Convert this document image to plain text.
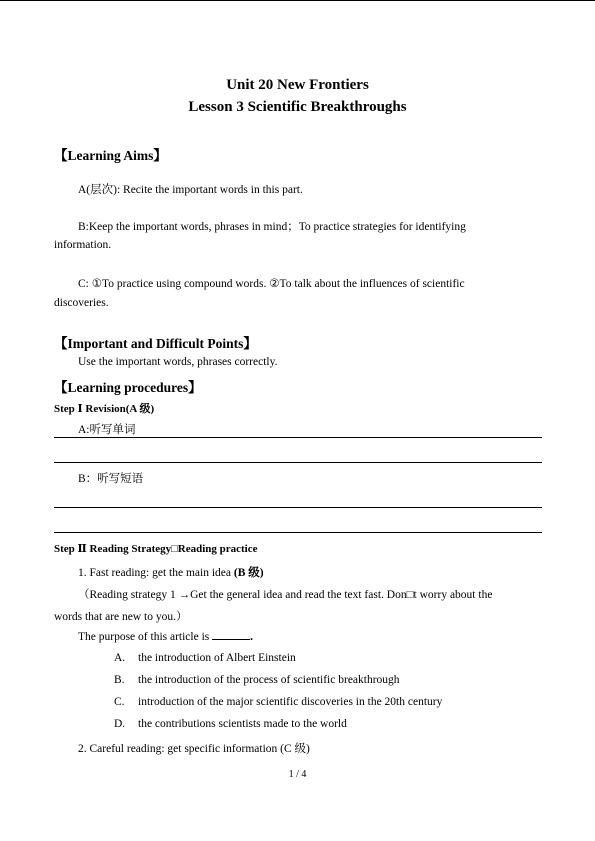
Unit 20 New Frontiers
Lesson 3 Scientific Breakthroughs
【Learning Aims】
A(层次): Recite the important words in this part.
B:Keep the important words, phrases in mind；To practice strategies for identifying
information.
C: ①To practice using compound words. ②To talk about the influences of scientific
discoveries.
【Important and Difficult Points】
Use the important words, phrases correctly.
【Learning procedures】
Step Ⅰ Revision(A 级)
A:听写单词
B：听写短语
Step Ⅱ Reading Strategy□Reading practice
1. Fast reading: get the main idea (B 级)
（Reading strategy 1 →Get the general idea and read the text fast. Don□t worry about the
words that are new to you.）
The purpose of this article is	.
A. the introduction of Albert Einstein
B. the introduction of the process of scientific breakthrough
C. introduction of the major scientific discoveries in the 20th century
D. the contributions scientists made to the world
2. Careful reading: get specific information (C 级)
1 / 4
